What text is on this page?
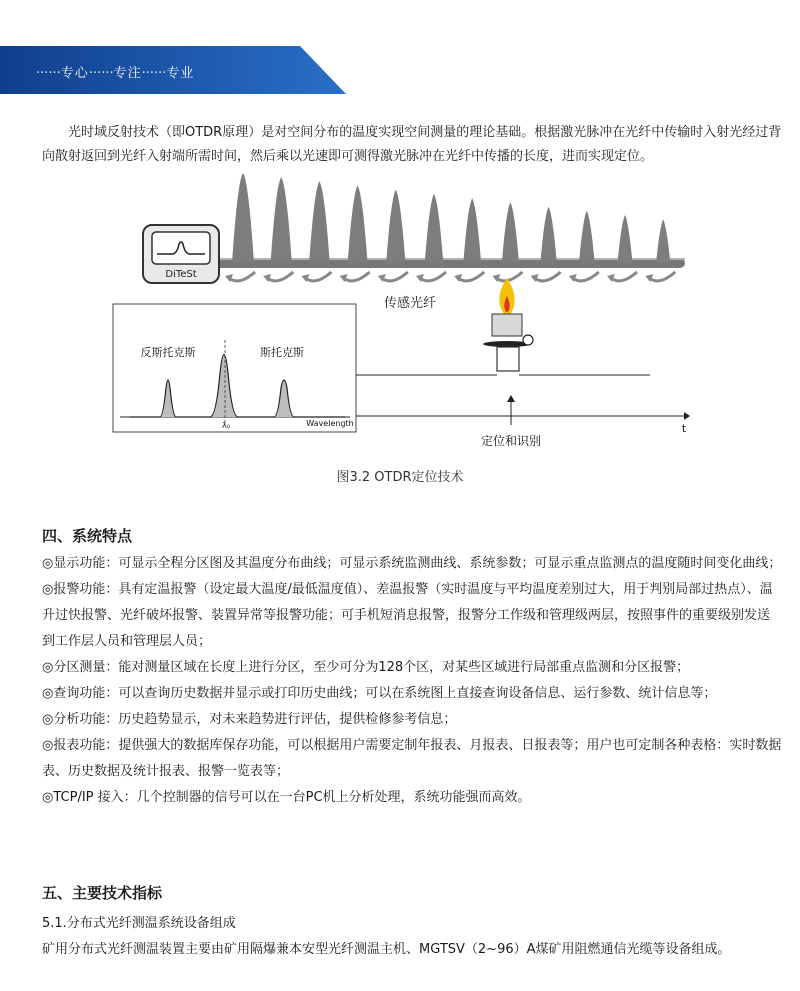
······专心······专注······专业

光时域反射技术（即OTDR原理）是对空间分布的温度实现空间测量的理论基础。根据激光脉冲在光纤中传输时入射光经过背向散射返回到光纤入射端所需时间，然后乘以光速即可测得激光脉冲在光纤中传播的长度，进而实现定位。

DiTeSt
传感光纤
反斯托克斯	斯托克斯
λ₀	Wavelength	t
定位和识别
图3.2 OTDR定位技术
四、系统特点

◎显示功能：可显示全程分区图及其温度分布曲线；可显示系统监测曲线、系统参数；可显示重点监测点的温度随时间变化曲线；

◎报警功能：具有定温报警（设定最大温度/最低温度值）、差温报警（实时温度与平均温度差别过大，用于判别局部过热点）、温升过快报警、光纤破坏报警、装置异常等报警功能；可手机短消息报警，报警分工作级和管理级两层，按照事件的重要级别发送到工作层人员和管理层人员；

◎分区测量：能对测量区域在长度上进行分区，至少可分为128个区，对某些区域进行局部重点监测和分区报警；

◎查询功能：可以查询历史数据并显示或打印历史曲线；可以在系统图上直接查询设备信息、运行参数、统计信息等；

◎分析功能：历史趋势显示，对未来趋势进行评估，提供检修参考信息；

◎报表功能：提供强大的数据库保存功能，可以根据用户需要定制年报表、月报表、日报表等；用户也可定制各种表格：实时数据表、历史数据及统计报表、报警一览表等；

◎TCP/IP 接入：几个控制器的信号可以在一台PC机上分析处理，系统功能强而高效。

五、主要技术指标
5.1.分布式光纤测温系统设备组成
矿用分布式光纤测温装置主要由矿用隔爆兼本安型光纤测温主机、MGTSV（2~96）A煤矿用阻燃通信光缆等设备组成。
